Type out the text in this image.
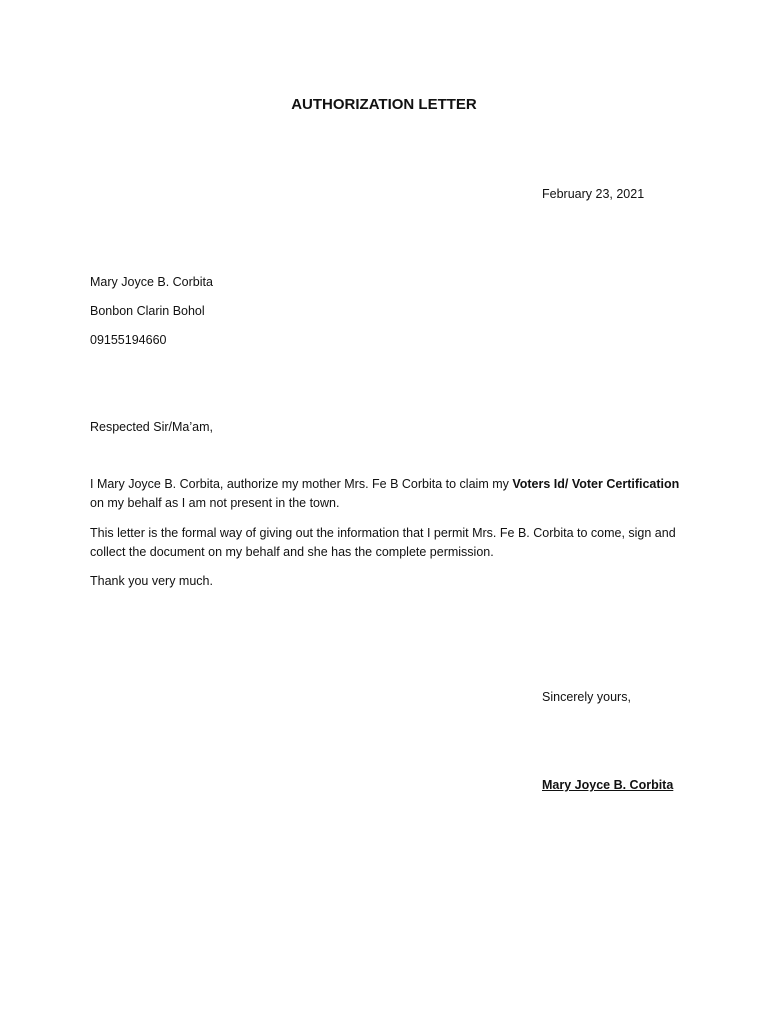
AUTHORIZATION LETTER

February 23, 2021

Mary Joyce B. Corbita

Bonbon Clarin Bohol

09155194660

Respected Sir/Ma’am,

I Mary Joyce B. Corbita, authorize my mother Mrs. Fe B Corbita to claim my Voters Id/ Voter Certification on my behalf as I am not present in the town.

This letter is the formal way of giving out the information that I permit Mrs. Fe B. Corbita to come, sign and collect the document on my behalf and she has the complete permission.

Thank you very much.

Sincerely yours,

Mary Joyce B. Corbita
